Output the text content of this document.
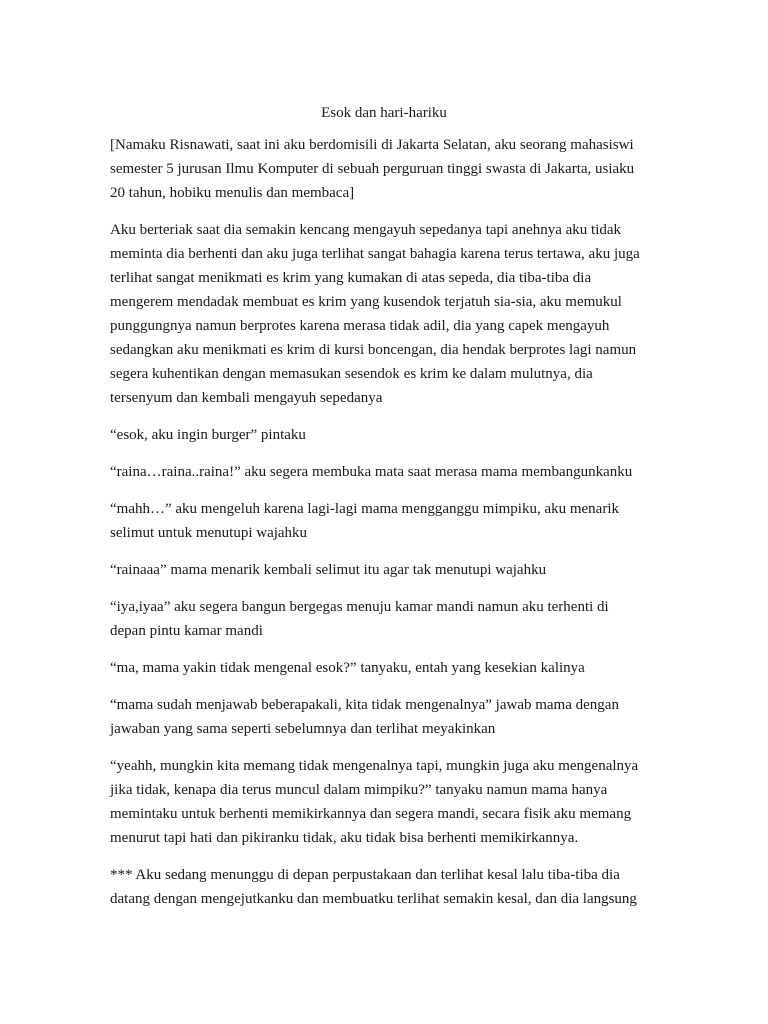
Esok dan hari-hariku

[Namaku Risnawati, saat ini aku berdomisili di Jakarta Selatan, aku seorang mahasiswi
semester 5 jurusan Ilmu Komputer di sebuah perguruan tinggi swasta di Jakarta, usiaku
20 tahun, hobiku menulis dan membaca]

Aku berteriak saat dia semakin kencang mengayuh sepedanya tapi anehnya aku tidak
meminta dia berhenti dan aku juga terlihat sangat bahagia karena terus tertawa, aku juga
terlihat sangat menikmati es krim yang kumakan di atas sepeda, dia tiba-tiba dia
mengerem mendadak membuat es krim yang kusendok terjatuh sia-sia, aku memukul
punggungnya namun berprotes karena merasa tidak adil, dia yang capek mengayuh
sedangkan aku menikmati es krim di kursi boncengan, dia hendak berprotes lagi namun
segera kuhentikan dengan memasukan sesendok es krim ke dalam mulutnya, dia
tersenyum dan kembali mengayuh sepedanya

“esok, aku ingin burger” pintaku

“raina…raina..raina!” aku segera membuka mata saat merasa mama membangunkanku

“mahh…” aku mengeluh karena lagi-lagi mama mengganggu mimpiku, aku menarik
selimut untuk menutupi wajahku

“rainaaa” mama menarik kembali selimut itu agar tak menutupi wajahku

“iya,iyaa” aku segera bangun bergegas menuju kamar mandi namun aku terhenti di
depan pintu kamar mandi

“ma, mama yakin tidak mengenal esok?” tanyaku, entah yang kesekian kalinya

“mama sudah menjawab beberapakali, kita tidak mengenalnya” jawab mama dengan
jawaban yang sama seperti sebelumnya dan terlihat meyakinkan

“yeahh, mungkin kita memang tidak mengenalnya tapi, mungkin juga aku mengenalnya
jika tidak, kenapa dia terus muncul dalam mimpiku?” tanyaku namun mama hanya
memintaku untuk berhenti memikirkannya dan segera mandi, secara fisik aku memang
menurut tapi hati dan pikiranku tidak, aku tidak bisa berhenti memikirkannya.

*** Aku sedang menunggu di depan perpustakaan dan terlihat kesal lalu tiba-tiba dia
datang dengan mengejutkanku dan membuatku terlihat semakin kesal, dan dia langsung
